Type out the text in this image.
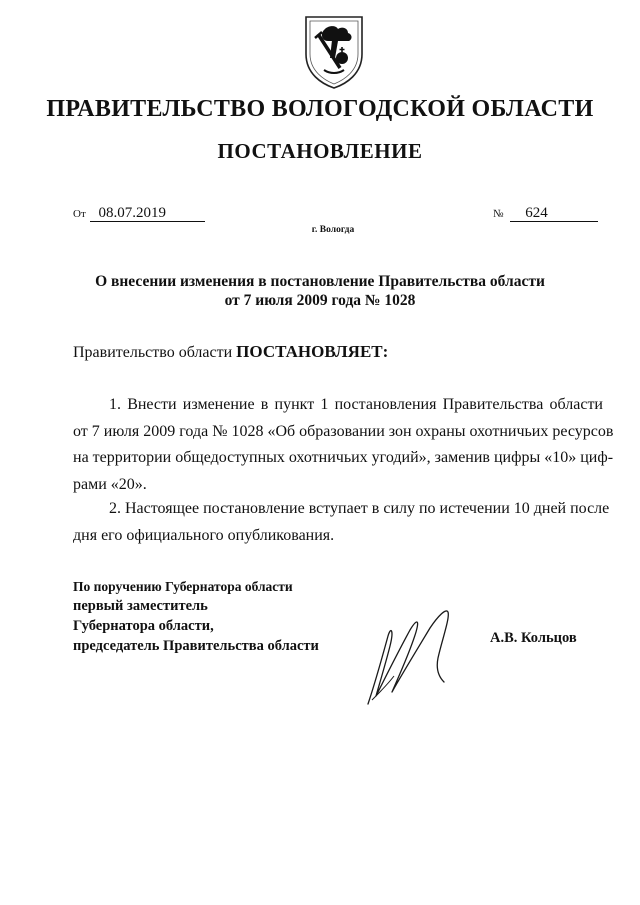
ПРАВИТЕЛЬСТВО ВОЛОГОДСКОЙ ОБЛАСТИ
ПОСТАНОВЛЕНИЕ
От 08.07.2019	№ 624
г. Вологда
О внесении изменения в постановление Правительства области
от 7 июля 2009 года № 1028
Правительство области ПОСТАНОВЛЯЕТ:
1. Внести изменение в пункт 1 постановления Правительства области
от 7 июля 2009 года № 1028 «Об образовании зон охраны охотничьих ресурсов
на территории общедоступных охотничьих угодий», заменив цифры «10» циф-
рами «20».
2. Настоящее постановление вступает в силу по истечении 10 дней после
дня его официального опубликования.
По поручению Губернатора области
первый заместитель
Губернатора области,
председатель Правительства области	А.В. Кольцов
